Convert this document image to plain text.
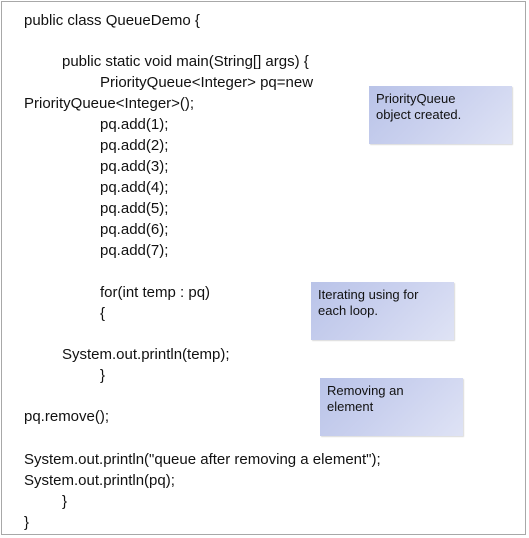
public class QueueDemo {
public static void main(String[] args) {
PriorityQueue<Integer> pq=new
PriorityQueue<Integer>();
pq.add(1);
pq.add(2);
pq.add(3);
pq.add(4);
pq.add(5);
pq.add(6);
pq.add(7);
for(int temp : pq)
{
System.out.println(temp);
}
pq.remove();
System.out.println("queue after removing a element");
System.out.println(pq);
}
}
PriorityQueue
object created.
Iterating using for
each loop.
Removing an
element
